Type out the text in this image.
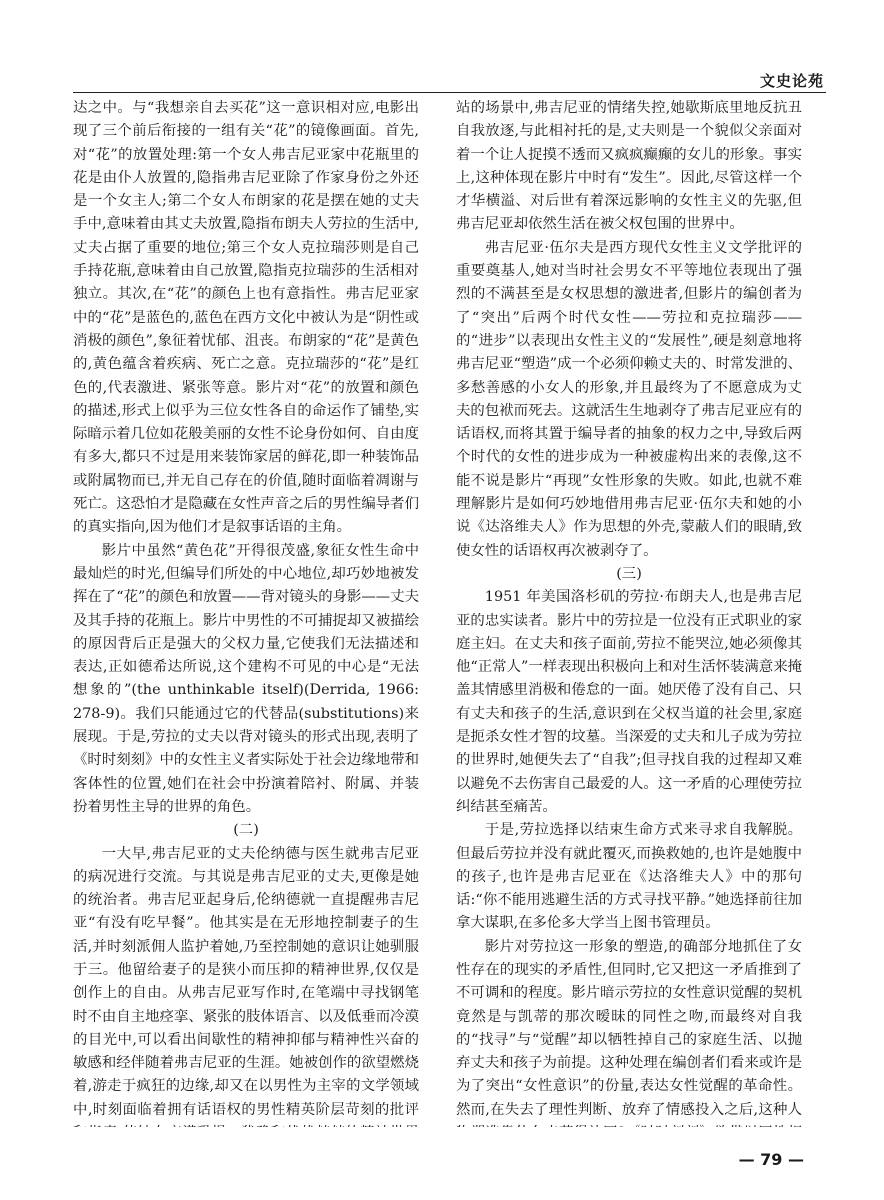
文史论苑

达之中。与“我想亲自去买花”这一意识相对应,电影出现了三个前后衔接的一组有关“花”的镜像画面。首先,对“花”的放置处理:第一个女人弗吉尼亚家中花瓶里的花是由仆人放置的,隐指弗吉尼亚除了作家身份之外还是一个女主人;第二个女人布朗家的花是摆在她的丈夫手中,意味着由其丈夫放置,隐指布朗夫人劳拉的生活中,丈夫占据了重要的地位;第三个女人克拉瑞莎则是自己手持花瓶,意味着由自己放置,隐指克拉瑞莎的生活相对独立。其次,在“花”的颜色上也有意指性。弗吉尼亚家中的“花”是蓝色的,蓝色在西方文化中被认为是“阴性或消极的颜色”,象征着忧郁、沮丧。布朗家的“花”是黄色的,黄色蕴含着疾病、死亡之意。克拉瑞莎的“花”是红色的,代表激进、紧张等意。影片对“花”的放置和颜色的描述,形式上似乎为三位女性各自的命运作了铺垫,实际暗示着几位如花般美丽的女性不论身份如何、自由度有多大,都只不过是用来装饰家居的鲜花,即一种装饰品或附属物而已,并无自己存在的价值,随时面临着凋谢与死亡。这恐怕才是隐藏在女性声音之后的男性编导者们的真实指向,因为他们才是叙事话语的主角。

影片中虽然“黄色花”开得很茂盛,象征女性生命中最灿烂的时光,但编导们所处的中心地位,却巧妙地被发挥在了“花”的颜色和放置——背对镜头的身影——丈夫及其手持的花瓶上。影片中男性的不可捕捉却又被描绘的原因背后正是强大的父权力量,它使我们无法描述和表达,正如德希达所说,这个建构不可见的中心是“无法想象的”(the unthinkable itself)(Derrida, 1966: 278-9)。我们只能通过它的代替品(substitutions)来展现。于是,劳拉的丈夫以背对镜头的形式出现,表明了《时时刻刻》中的女性主义者实际处于社会边缘地带和客体性的位置,她们在社会中扮演着陪衬、附属、并装扮着男性主导的世界的角色。

(二)

一大早,弗吉尼亚的丈夫伦纳德与医生就弗吉尼亚的病况进行交流。与其说是弗吉尼亚的丈夫,更像是她的统治者。弗吉尼亚起身后,伦纳德就一直提醒弗吉尼亚“有没有吃早餐”。他其实是在无形地控制妻子的生活,并时刻派佣人监护着她,乃至控制她的意识让她驯服于三。他留给妻子的是狭小而压抑的精神世界,仅仅是创作上的自由。从弗吉尼亚写作时,在笔端中寻找钢笔时不由自主地痉挛、紧张的肢体语言、以及低垂而冷漠的目光中,可以看出间歇性的精神抑郁与精神性兴奋的敏感和经伴随着弗吉尼亚的生涯。她被创作的欲望燃烧着,游走于疯狂的边缘,却又在以男性为主宰的文学领域中,时刻面临着拥有话语权的男性精英阶层苛刻的批评

站的场景中,弗吉尼亚的情绪失控,她歇斯底里地反抗丑自我放逐,与此相衬托的是,丈夫则是一个貌似父亲面对着一个让人捉摸不透而又疯疯癫癫的女儿的形象。事实上,这种体现在影片中时有“发生”。因此,尽管这样一个才华横溢、对后世有着深远影响的女性主义的先驱,但弗吉尼亚却依然生活在被父权包围的世界中。

弗吉尼亚·伍尔夫是西方现代女性主义文学批评的重要奠基人,她对当时社会男女不平等地位表现出了强烈的不满甚至是女权思想的激进者,但影片的编创者为了“突出”后两个时代女性——劳拉和克拉瑞莎——的“进步”以表现出女性主义的“发展性”,硬是刻意地将弗吉尼亚“塑造”成一个必须仰赖丈夫的、时常发泄的、多愁善感的小女人的形象,并且最终为了不愿意成为丈夫的包袱而死去。这就活生生地剥夺了弗吉尼亚应有的话语权,而将其置于编导者的抽象的权力之中,导致后两个时代的女性的进步成为一种被虚构出来的表像,这不能不说是影片“再现”女性形象的失败。如此,也就不难理解影片是如何巧妙地借用弗吉尼亚·伍尔夫和她的小说《达洛维夫人》作为思想的外壳,蒙蔽人们的眼睛,致使女性的话语权再次被剥夺了。

(三)

1951 年美国洛杉矶的劳拉·布朗夫人,也是弗吉尼亚的忠实读者。影片中的劳拉是一位没有正式职业的家庭主妇。在丈夫和孩子面前,劳拉不能哭泣,她必须像其他“正常人”一样表现出积极向上和对生活怀装满意来掩盖其情感里消极和倦怠的一面。她厌倦了没有自己、只有丈夫和孩子的生活,意识到在父权当道的社会里,家庭是扼杀女性才智的坟墓。当深爱的丈夫和儿子成为劳拉的世界时,她便失去了“自我”;但寻找自我的过程却又难以避免不去伤害自己最爱的人。这一矛盾的心理使劳拉纠结甚至痛苦。

于是,劳拉选择以结束生命方式来寻求自我解脱。但最后劳拉并没有就此覆灭,而换救她的,也许是她腹中的孩子,也许是弗吉尼亚在《达洛维夫人》中的那句话:“你不能用逃避生活的方式寻找平静。”她选择前往加拿大谋职,在多伦多大学当上图书管理员。

影片对劳拉这一形象的塑造,的确部分地抓住了女性存在的现实的矛盾性,但同时,它又把这一矛盾推到了不可调和的程度。影片暗示劳拉的女性意识觉醒的契机竟然是与凯蒂的那次暧昧的同性之吻,而最终对自我的“找寻”与“觉醒”却以牺牲掉自己的家庭生活、以抛弃丈夫和孩子为前提。这种处理在编创者们看来或许是为了突出“女性意识”的份量,表达女性觉醒的革命性。然而,在失去了理性判断、放弃了情感投入之后,这种人

— 79 —
